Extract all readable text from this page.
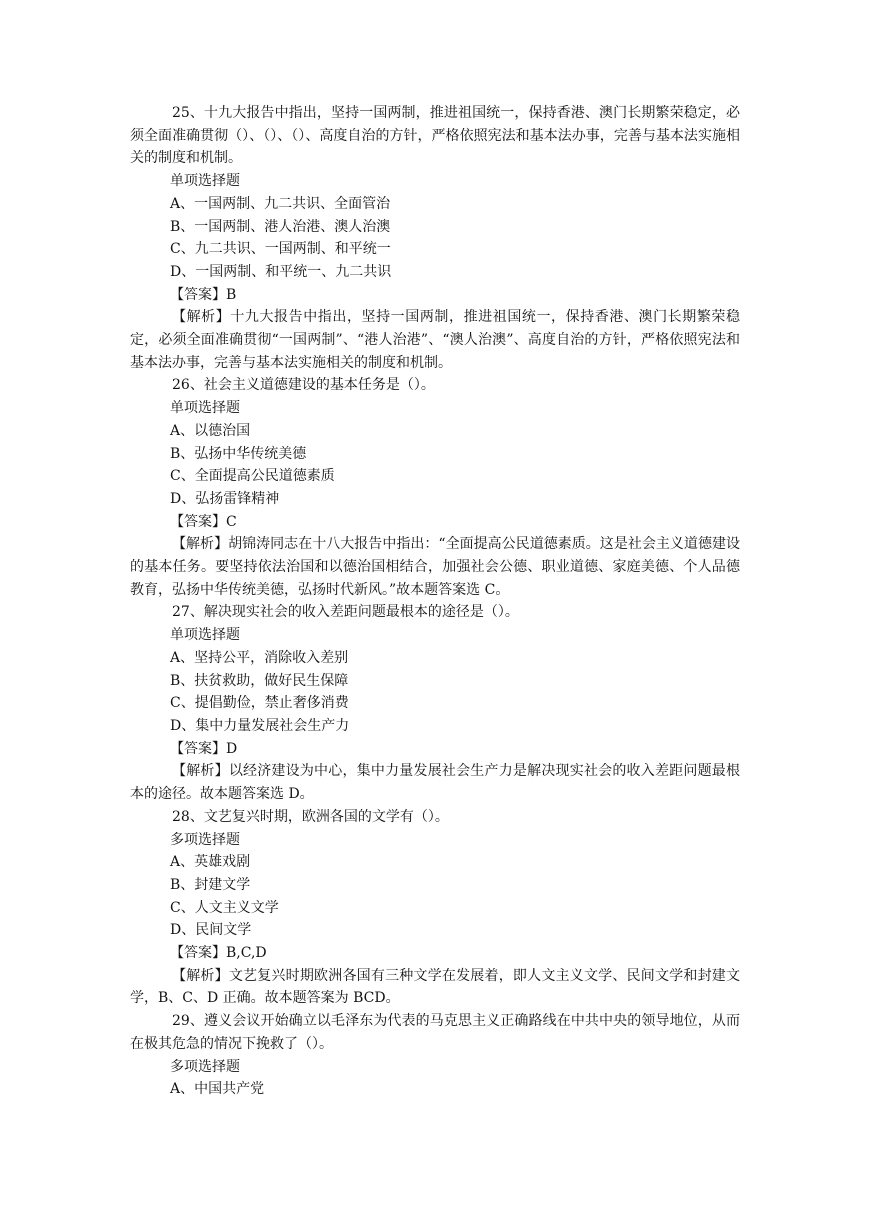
25、十九大报告中指出，坚持一国两制，推进祖国统一，保持香港、澳门长期繁荣稳定，必须全面准确贯彻（）、（）、（）、高度自治的方针，严格依照宪法和基本法办事，完善与基本法实施相关的制度和机制。

单项选择题

A、一国两制、九二共识、全面管治

B、一国两制、港人治港、澳人治澳

C、九二共识、一国两制、和平统一

D、一国两制、和平统一、九二共识

【答案】B

【解析】十九大报告中指出，坚持一国两制，推进祖国统一，保持香港、澳门长期繁荣稳定，必须全面准确贯彻“一国两制”、“港人治港”、“澳人治澳”、高度自治的方针，严格依照宪法和基本法办事，完善与基本法实施相关的制度和机制。

26、社会主义道德建设的基本任务是（）。

单项选择题

A、以德治国

B、弘扬中华传统美德

C、全面提高公民道德素质

D、弘扬雷锋精神

【答案】C

【解析】胡锦涛同志在十八大报告中指出：“全面提高公民道德素质。这是社会主义道德建设的基本任务。要坚持依法治国和以德治国相结合，加强社会公德、职业道德、家庭美德、个人品德教育，弘扬中华传统美德，弘扬时代新风。”故本题答案选 C。

27、解决现实社会的收入差距问题最根本的途径是（）。

单项选择题

A、坚持公平，消除收入差别

B、扶贫救助，做好民生保障

C、提倡勤俭，禁止奢侈消费

D、集中力量发展社会生产力

【答案】D

【解析】以经济建设为中心，集中力量发展社会生产力是解决现实社会的收入差距问题最根本的途径。故本题答案选 D。

28、文艺复兴时期，欧洲各国的文学有（）。

多项选择题

A、英雄戏剧

B、封建文学

C、人文主义文学

D、民间文学

【答案】B,C,D

【解析】文艺复兴时期欧洲各国有三种文学在发展着，即人文主义文学、民间文学和封建文学，B、C、D 正确。故本题答案为 BCD。

29、遵义会议开始确立以毛泽东为代表的马克思主义正确路线在中共中央的领导地位，从而在极其危急的情况下挽救了（）。

多项选择题

A、中国共产党
